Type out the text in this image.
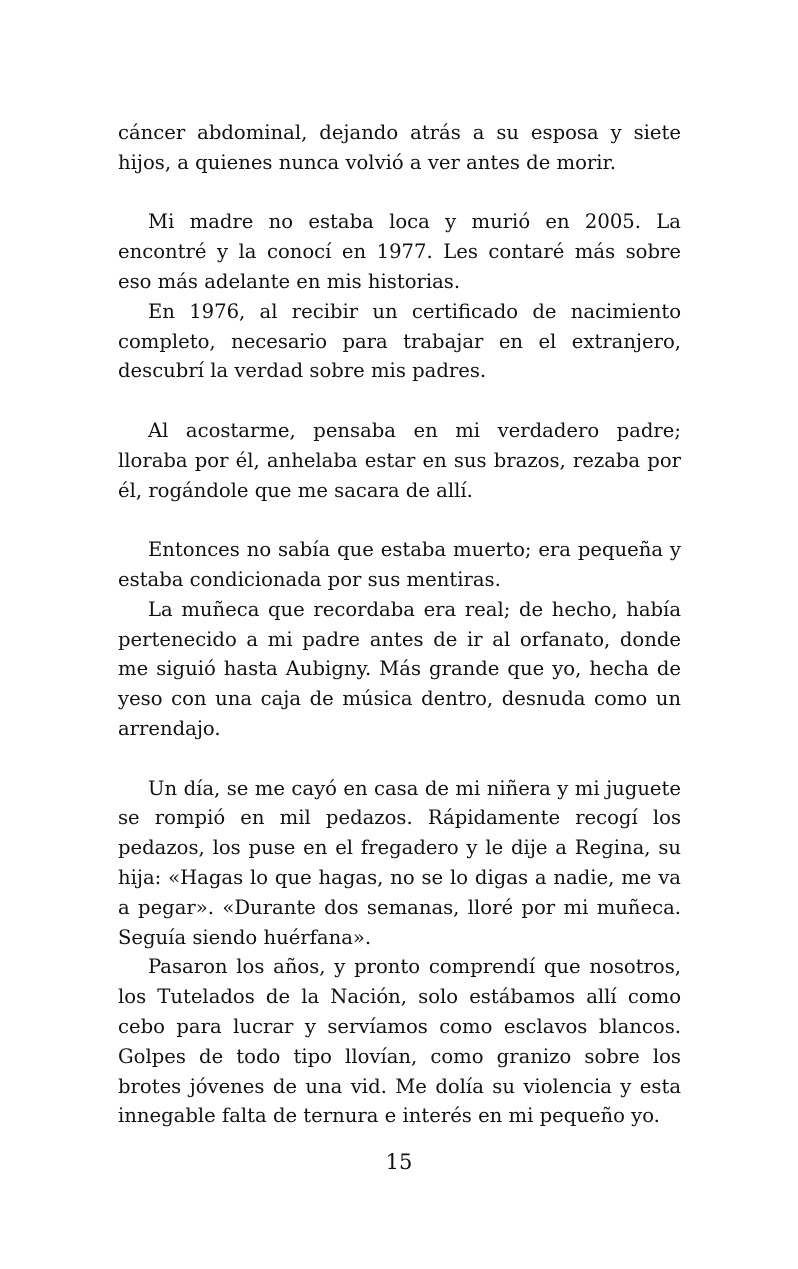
cáncer abdominal, dejando atrás a su esposa y siete hijos, a quienes nunca volvió a ver antes de morir.

Mi madre no estaba loca y murió en 2005. La encontré y la conocí en 1977. Les contaré más sobre eso más adelante en mis historias.

En 1976, al recibir un certificado de nacimiento completo, necesario para trabajar en el extranjero, descubrí la verdad sobre mis padres.

Al acostarme, pensaba en mi verdadero padre; lloraba por él, anhelaba estar en sus brazos, rezaba por él, rogándole que me sacara de allí.

Entonces no sabía que estaba muerto; era pequeña y estaba condicionada por sus mentiras.

La muñeca que recordaba era real; de hecho, había pertenecido a mi padre antes de ir al orfanato, donde me siguió hasta Aubigny. Más grande que yo, hecha de yeso con una caja de música dentro, desnuda como un arrendajo.

Un día, se me cayó en casa de mi niñera y mi juguete se rompió en mil pedazos. Rápidamente recogí los pedazos, los puse en el fregadero y le dije a Regina, su hija: «Hagas lo que hagas, no se lo digas a nadie, me va a pegar». «Durante dos semanas, lloré por mi muñeca. Seguía siendo huérfana».

Pasaron los años, y pronto comprendí que nosotros, los Tutelados de la Nación, solo estábamos allí como cebo para lucrar y servíamos como esclavos blancos. Golpes de todo tipo llovían, como granizo sobre los brotes jóvenes de una vid. Me dolía su violencia y esta innegable falta de ternura e interés en mi pequeño yo.

15
